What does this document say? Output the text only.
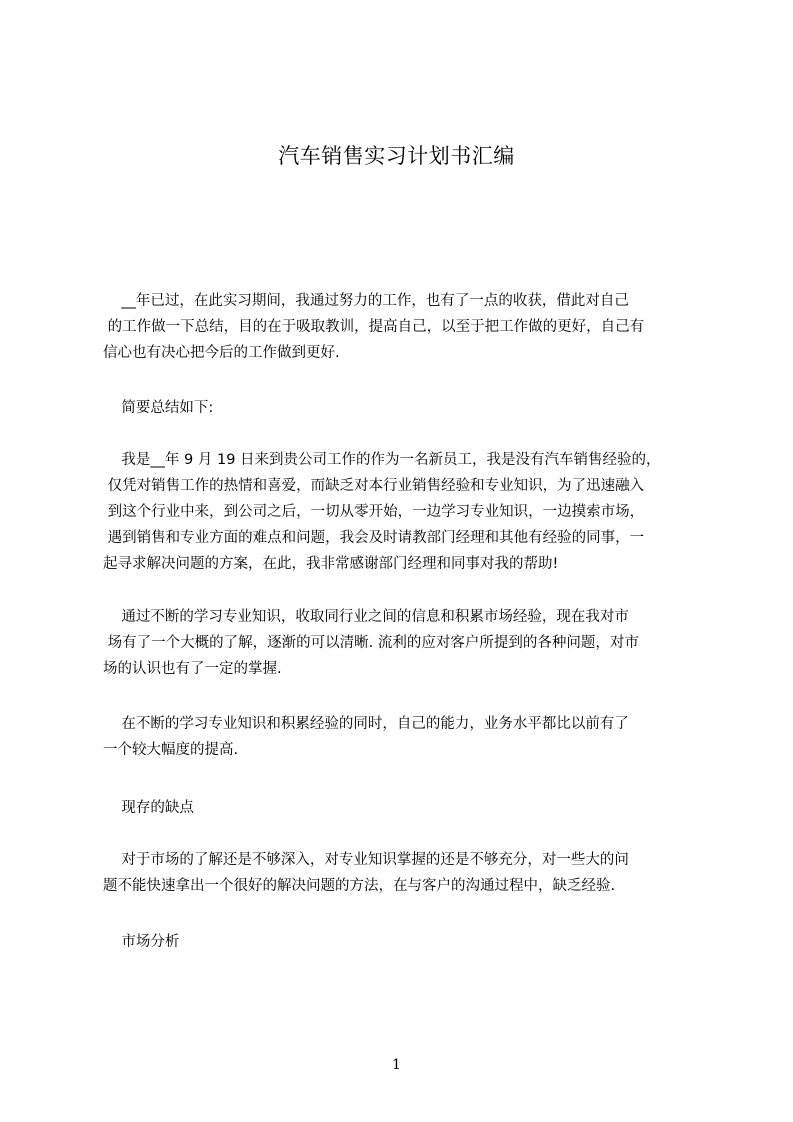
汽车销售实习计划书汇编
__年已过，在此实习期间，我通过努力的工作，也有了一点的收获，借此对自己
的工作做一下总结，目的在于吸取教训，提高自己，以至于把工作做的更好，自己有
信心也有决心把今后的工作做到更好.
简要总结如下:
我是__年 9 月 19 日来到贵公司工作的作为一名新员工，我是没有汽车销售经验的，
仅凭对销售工作的热情和喜爱，而缺乏对本行业销售经验和专业知识，为了迅速融入
到这个行业中来，到公司之后，一切从零开始，一边学习专业知识，一边摸索市场，
遇到销售和专业方面的难点和问题，我会及时请教部门经理和其他有经验的同事，一
起寻求解决问题的方案，在此，我非常感谢部门经理和同事对我的帮助!
通过不断的学习专业知识，收取同行业之间的信息和积累市场经验，现在我对市
场有了一个大概的了解，逐渐的可以清晰. 流利的应对客户所提到的各种问题，对市
场的认识也有了一定的掌握.
在不断的学习专业知识和积累经验的同时，自己的能力，业务水平都比以前有了
一个较大幅度的提高.
现存的缺点
对于市场的了解还是不够深入，对专业知识掌握的还是不够充分，对一些大的问
题不能快速拿出一个很好的解决问题的方法，在与客户的沟通过程中，缺乏经验.
市场分析
1
